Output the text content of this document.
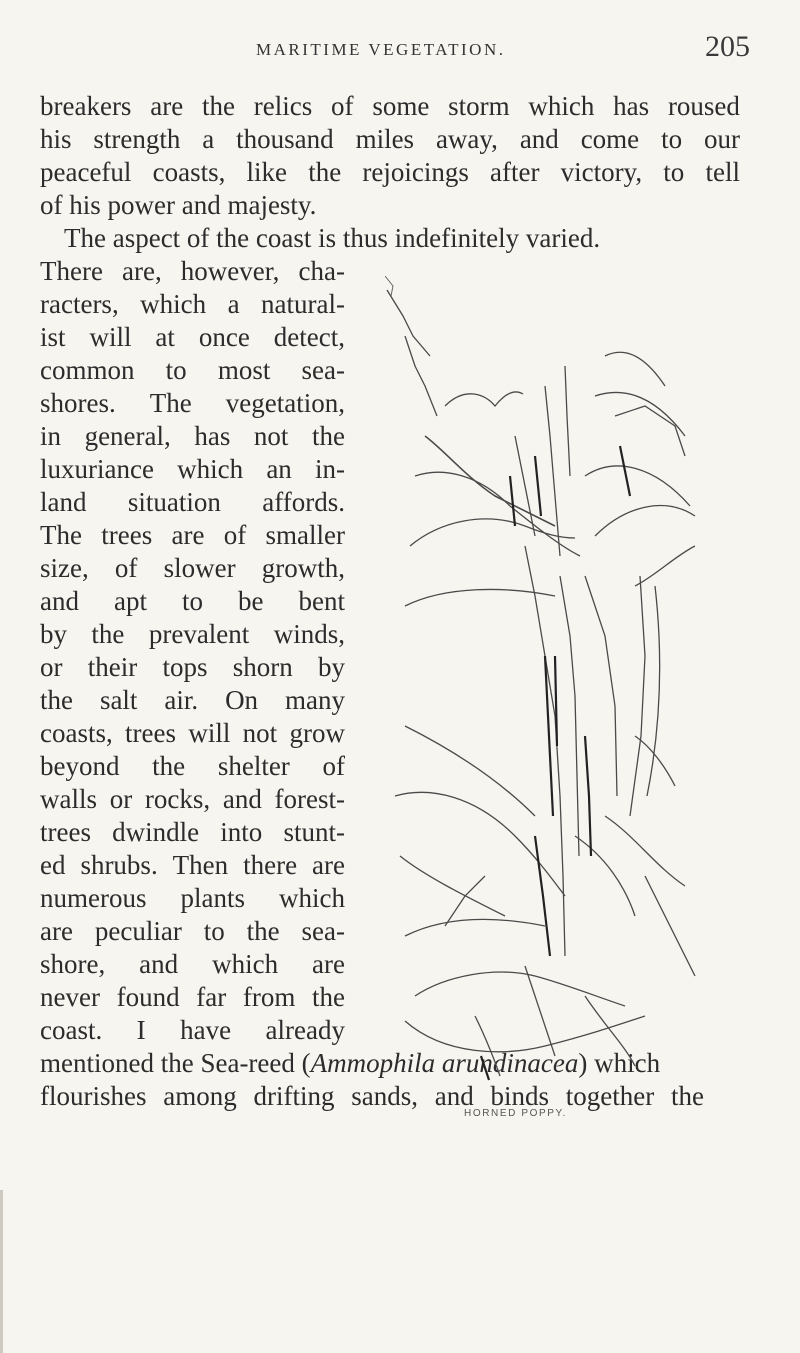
MARITIME VEGETATION.	205
breakers are the relics of some storm which has roused
his strength a thousand miles away, and come to our
peaceful coasts, like the rejoicings after victory, to tell
of his power and majesty.
The aspect of the coast is thus indefinitely varied.
There are, however, cha-
racters, which a natural-
ist will at once detect,
common to most sea-
shores. The vegetation,
in general, has not the
luxuriance which an in-
land situation affords.
The trees are of smaller
size, of slower growth,
and apt to be bent
by the prevalent winds,
or their tops shorn by
the salt air. On many
coasts, trees will not grow
beyond the shelter of
walls or rocks, and forest-
trees dwindle into stunt-
ed shrubs. Then there are
numerous plants which
are peculiar to the sea-
shore, and which are
never found far from the
coast. I have already
mentioned the Sea-reed (Ammophila arundinacea) which
flourishes among drifting sands, and binds together the
HORNED POPPY.
